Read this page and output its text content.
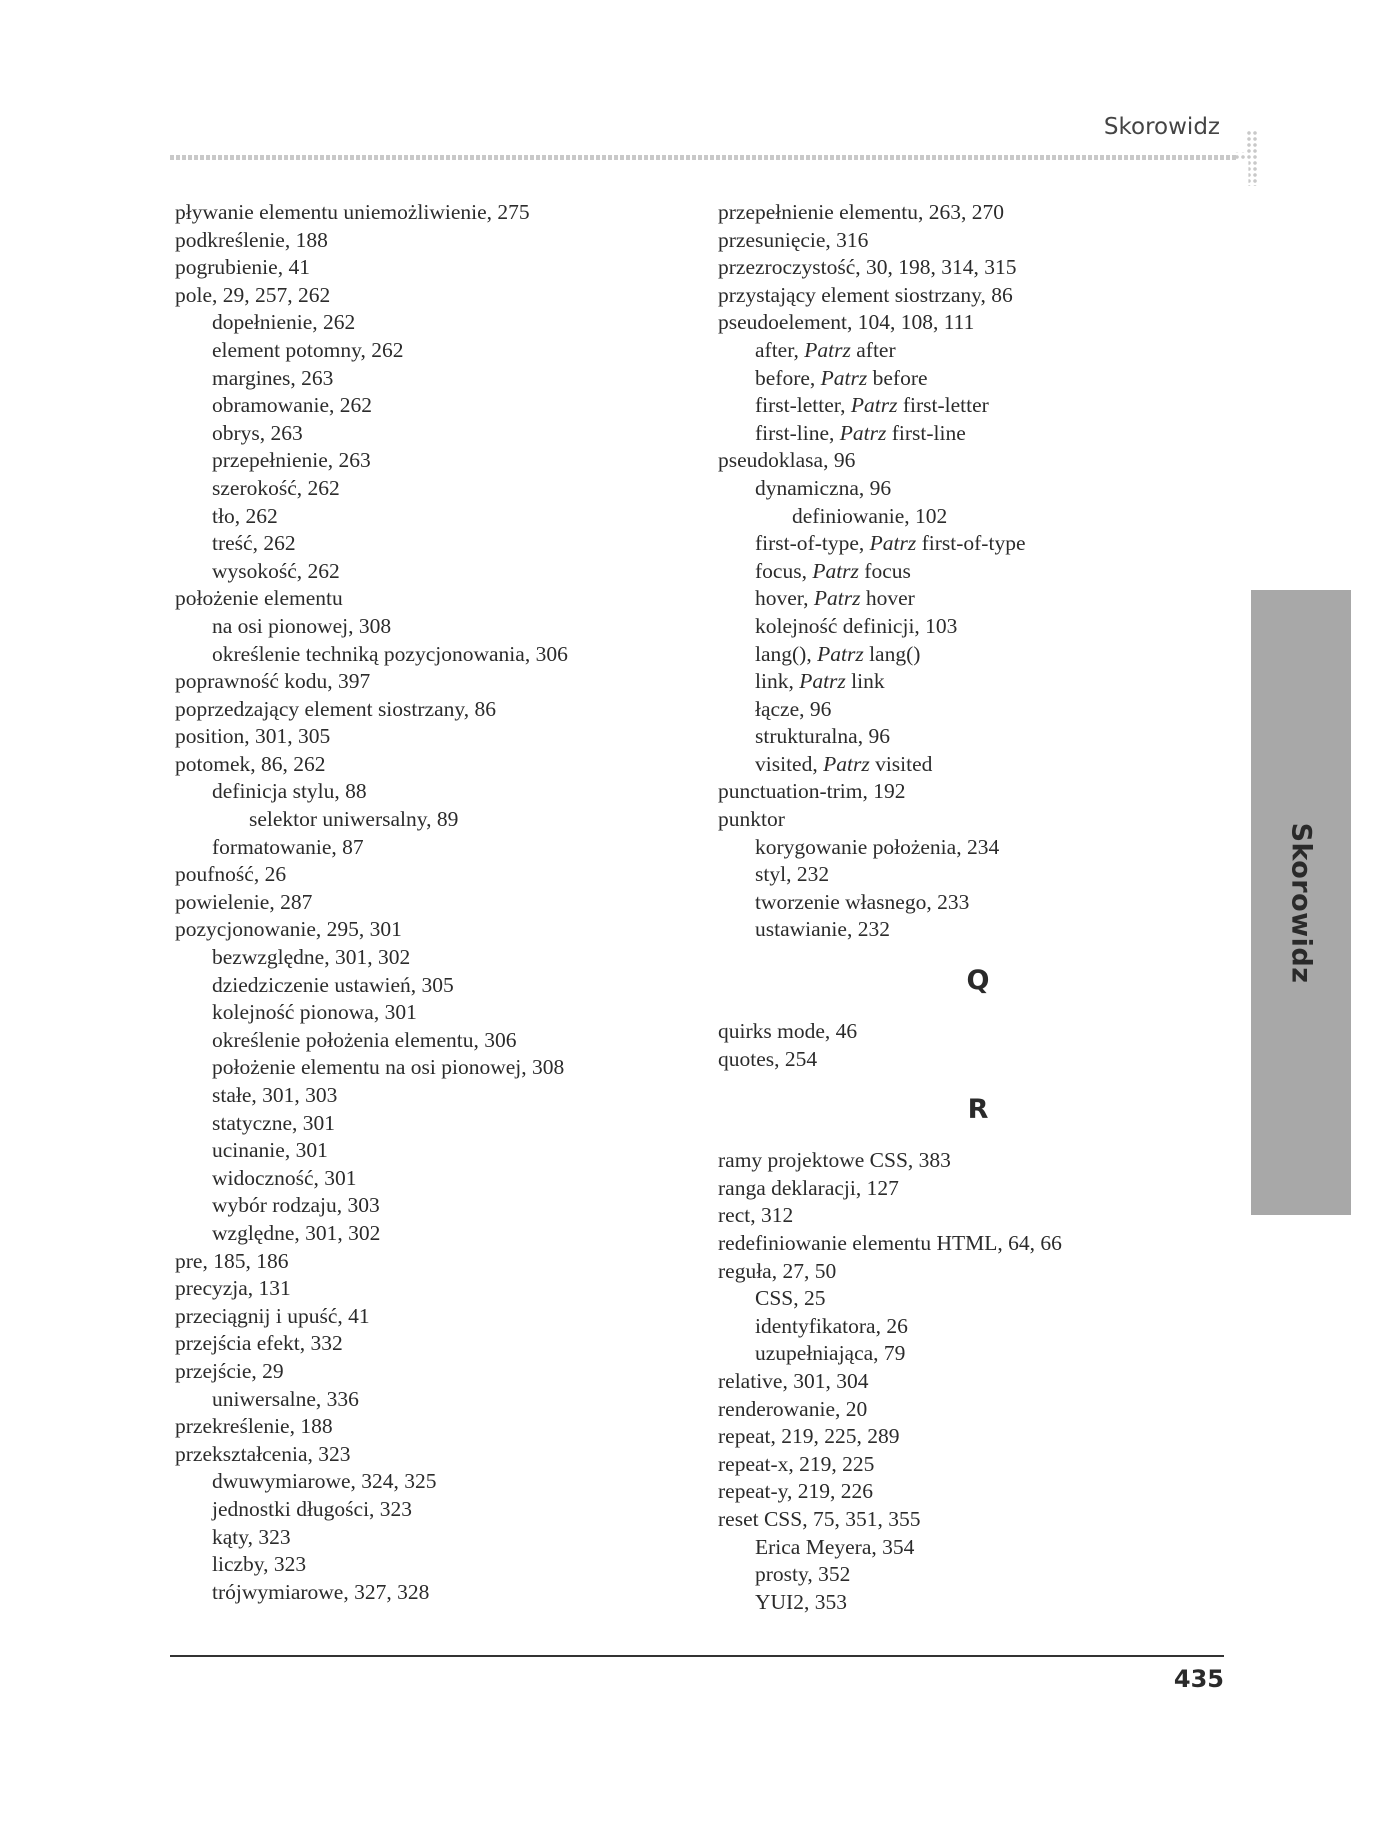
Skorowidz
Skorowidz
pływanie elementu uniemożliwienie, 275
podkreślenie, 188
pogrubienie, 41
pole, 29, 257, 262
dopełnienie, 262
element potomny, 262
margines, 263
obramowanie, 262
obrys, 263
przepełnienie, 263
szerokość, 262
tło, 262
treść, 262
wysokość, 262
położenie elementu
na osi pionowej, 308
określenie techniką pozycjonowania, 306
poprawność kodu, 397
poprzedzający element siostrzany, 86
position, 301, 305
potomek, 86, 262
definicja stylu, 88
selektor uniwersalny, 89
formatowanie, 87
poufność, 26
powielenie, 287
pozycjonowanie, 295, 301
bezwzględne, 301, 302
dziedziczenie ustawień, 305
kolejność pionowa, 301
określenie położenia elementu, 306
położenie elementu na osi pionowej, 308
stałe, 301, 303
statyczne, 301
ucinanie, 301
widoczność, 301
wybór rodzaju, 303
względne, 301, 302
pre, 185, 186
precyzja, 131
przeciągnij i upuść, 41
przejścia efekt, 332
przejście, 29
uniwersalne, 336
przekreślenie, 188
przekształcenia, 323
dwuwymiarowe, 324, 325
jednostki długości, 323
kąty, 323
liczby, 323
trójwymiarowe, 327, 328
przepełnienie elementu, 263, 270
przesunięcie, 316
przezroczystość, 30, 198, 314, 315
przystający element siostrzany, 86
pseudoelement, 104, 108, 111
after, Patrz after
before, Patrz before
first-letter, Patrz first-letter
first-line, Patrz first-line
pseudoklasa, 96
dynamiczna, 96
definiowanie, 102
first-of-type, Patrz first-of-type
focus, Patrz focus
hover, Patrz hover
kolejność definicji, 103
lang(), Patrz lang()
link, Patrz link
łącze, 96
strukturalna, 96
visited, Patrz visited
punctuation-trim, 192
punktor
korygowanie położenia, 234
styl, 232
tworzenie własnego, 233
ustawianie, 232
Q
quirks mode, 46
quotes, 254
R
ramy projektowe CSS, 383
ranga deklaracji, 127
rect, 312
redefiniowanie elementu HTML, 64, 66
reguła, 27, 50
CSS, 25
identyfikatora, 26
uzupełniająca, 79
relative, 301, 304
renderowanie, 20
repeat, 219, 225, 289
repeat-x, 219, 225
repeat-y, 219, 226
reset CSS, 75, 351, 355
Erica Meyera, 354
prosty, 352
YUI2, 353
435
